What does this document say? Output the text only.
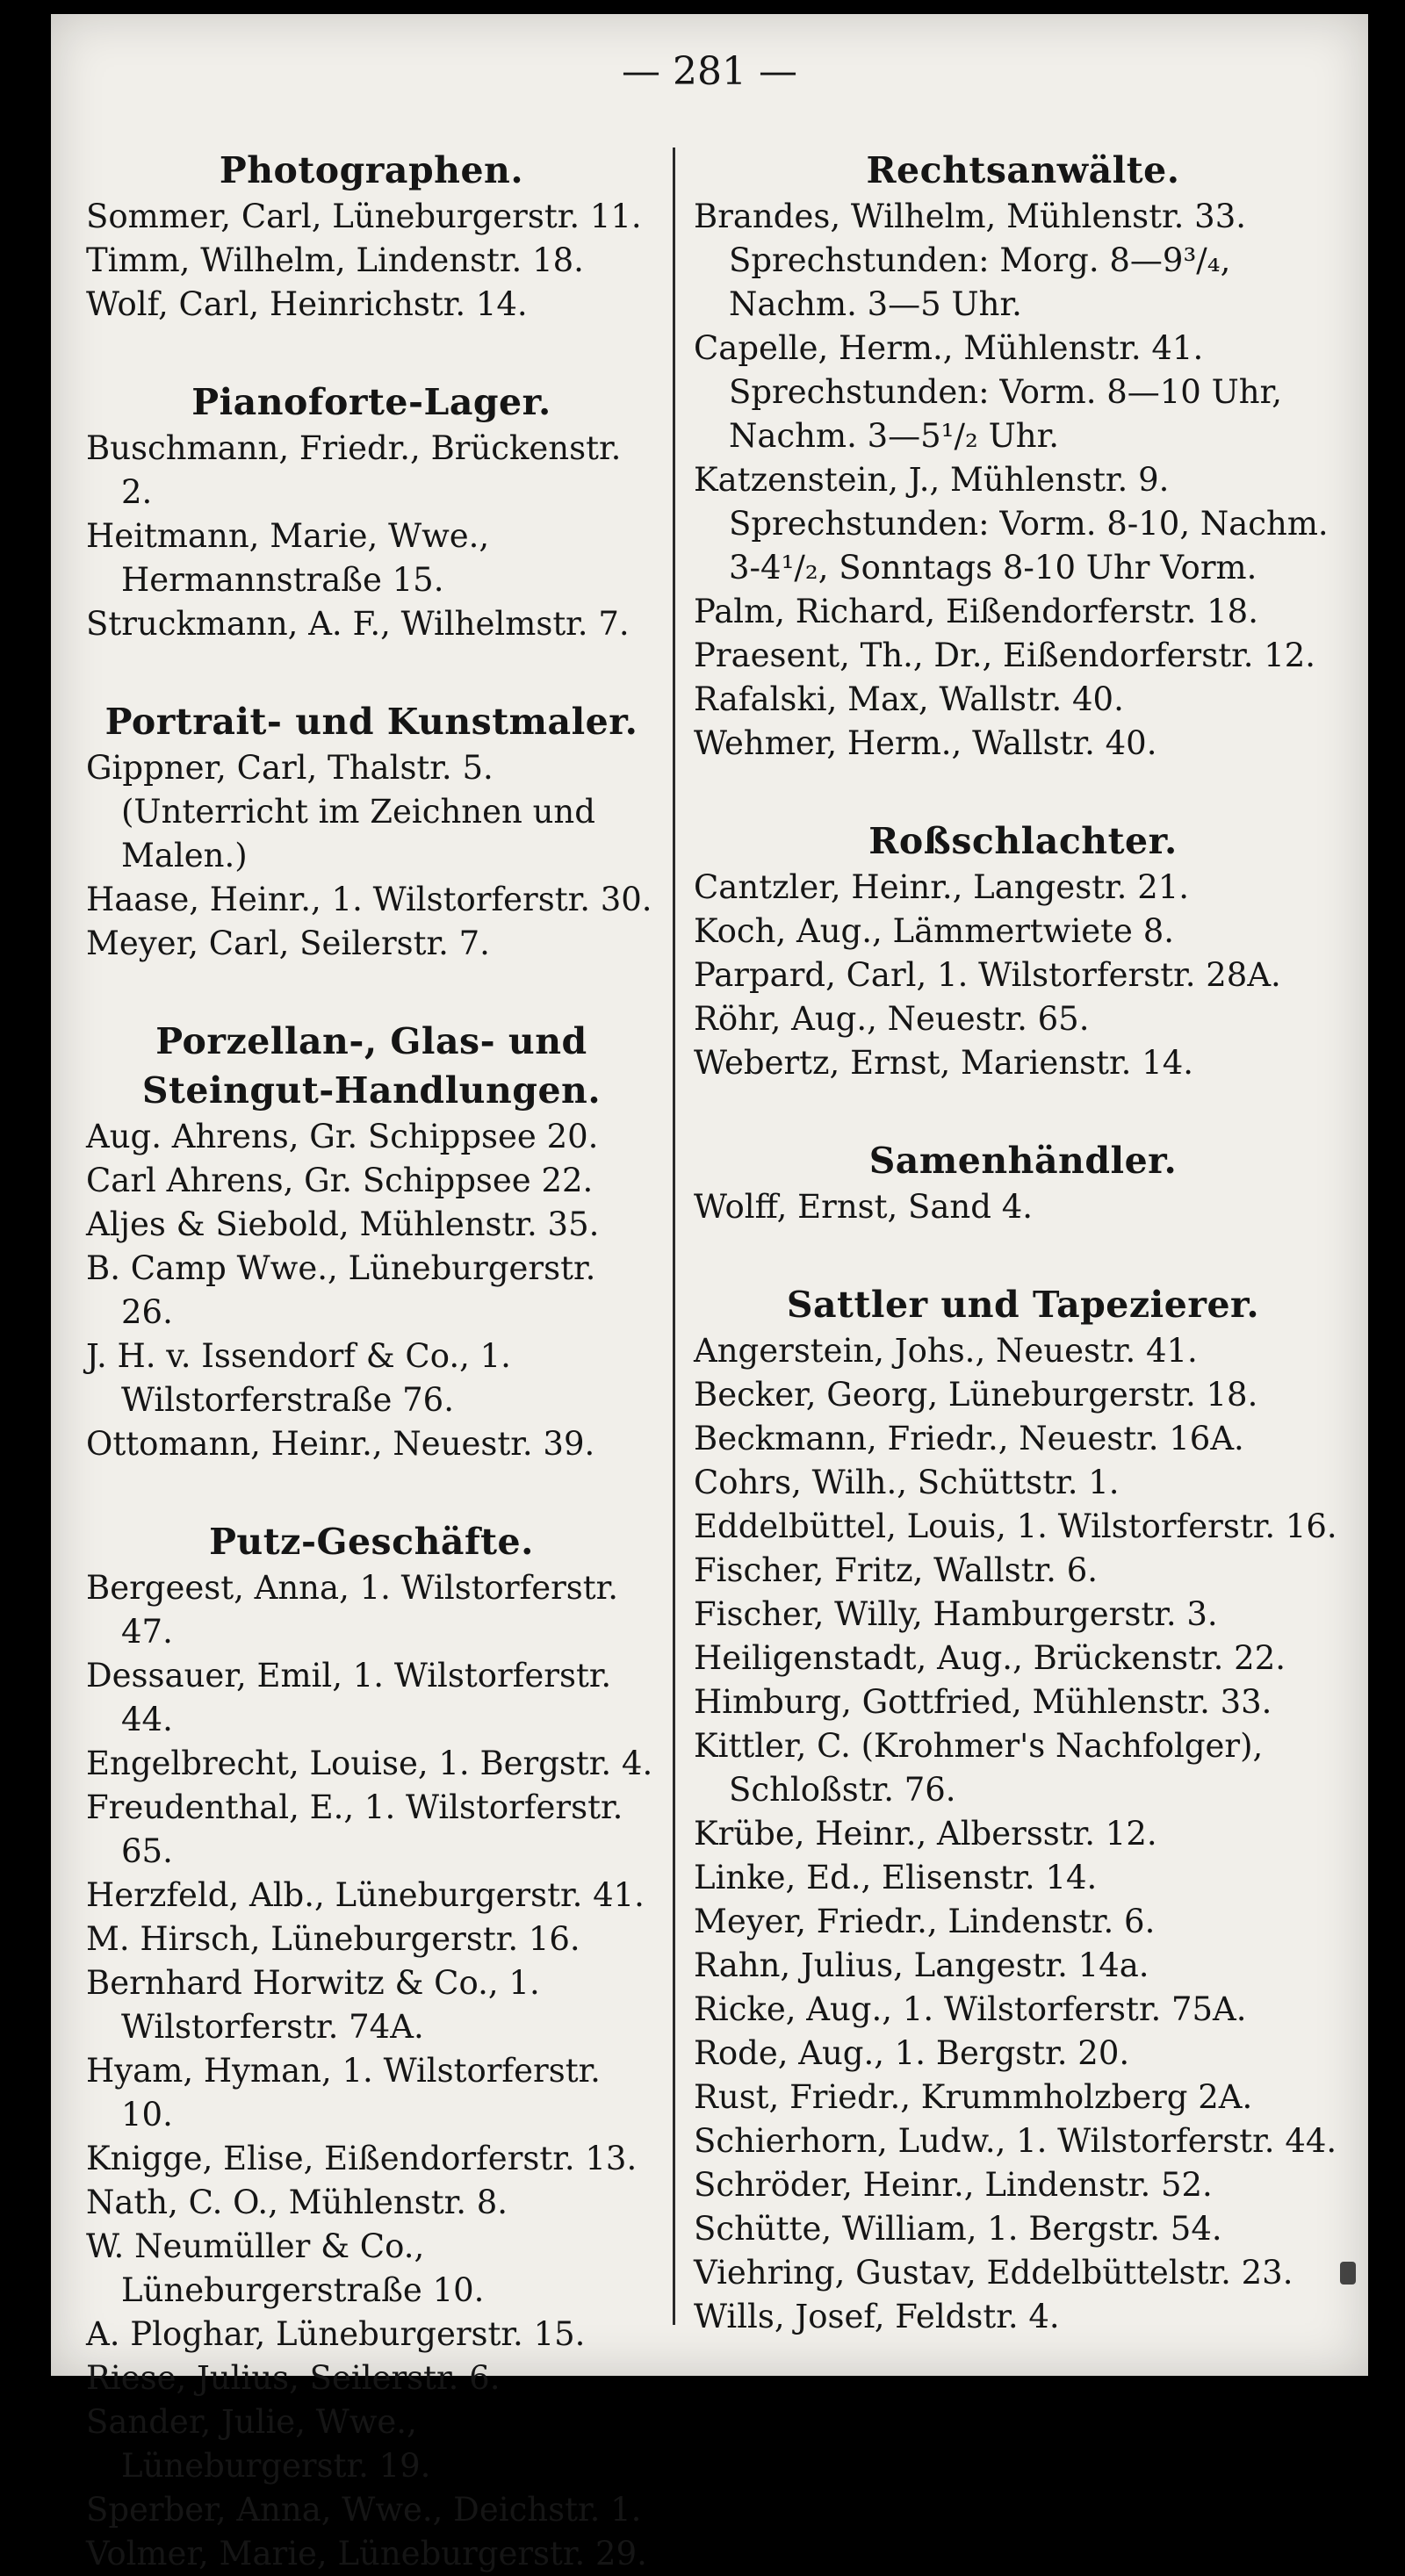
— 281 —
Photographen.
Sommer, Carl, Lüneburgerstr. 11.
Timm, Wilhelm, Lindenstr. 18.
Wolf, Carl, Heinrichstr. 14.
Pianoforte-Lager.
Buschmann, Friedr., Brückenstr. 2.
Heitmann, Marie, Wwe., Hermannstraße 15.
Struckmann, A. F., Wilhelmstr. 7.
Portrait- und Kunstmaler.
Gippner, Carl, Thalstr. 5. (Unterricht im Zeichnen und Malen.)
Haase, Heinr., 1. Wilstorferstr. 30.
Meyer, Carl, Seilerstr. 7.
Porzellan-, Glas- und Steingut-Handlungen.
Aug. Ahrens, Gr. Schippsee 20.
Carl Ahrens, Gr. Schippsee 22.
Aljes & Siebold, Mühlenstr. 35.
B. Camp Wwe., Lüneburgerstr. 26.
J. H. v. Issendorf & Co., 1. Wilstorferstraße 76.
Ottomann, Heinr., Neuestr. 39.
Putz-Geschäfte.
Bergeest, Anna, 1. Wilstorferstr. 47.
Dessauer, Emil, 1. Wilstorferstr. 44.
Engelbrecht, Louise, 1. Bergstr. 4.
Freudenthal, E., 1. Wilstorferstr. 65.
Herzfeld, Alb., Lüneburgerstr. 41.
M. Hirsch, Lüneburgerstr. 16.
Bernhard Horwitz & Co., 1. Wilstorferstr. 74A.
Hyam, Hyman, 1. Wilstorferstr. 10.
Knigge, Elise, Eißendorferstr. 13.
Nath, C. O., Mühlenstr. 8.
W. Neumüller & Co., Lüneburgerstraße 10.
A. Ploghar, Lüneburgerstr. 15.
Riese, Julius, Seilerstr. 6.
Sander, Julie, Wwe., Lüneburgerstr. 19.
Sperber, Anna, Wwe., Deichstr. 1.
Volmer, Marie, Lüneburgerstr. 29.
Rechtsanwälte.
Brandes, Wilhelm, Mühlenstr. 33. Sprechstunden: Morg. 8—9³/₄, Nachm. 3—5 Uhr.
Capelle, Herm., Mühlenstr. 41. Sprechstunden: Vorm. 8—10 Uhr, Nachm. 3—5¹/₂ Uhr.
Katzenstein, J., Mühlenstr. 9. Sprechstunden: Vorm. 8-10, Nachm. 3-4¹/₂, Sonntags 8-10 Uhr Vorm.
Palm, Richard, Eißendorferstr. 18.
Praesent, Th., Dr., Eißendorferstr. 12.
Rafalski, Max, Wallstr. 40.
Wehmer, Herm., Wallstr. 40.
Roßschlachter.
Cantzler, Heinr., Langestr. 21.
Koch, Aug., Lämmertwiete 8.
Parpard, Carl, 1. Wilstorferstr. 28A.
Röhr, Aug., Neuestr. 65.
Webertz, Ernst, Marienstr. 14.
Samenhändler.
Wolff, Ernst, Sand 4.
Sattler und Tapezierer.
Angerstein, Johs., Neuestr. 41.
Becker, Georg, Lüneburgerstr. 18.
Beckmann, Friedr., Neuestr. 16A.
Cohrs, Wilh., Schüttstr. 1.
Eddelbüttel, Louis, 1. Wilstorferstr. 16.
Fischer, Fritz, Wallstr. 6.
Fischer, Willy, Hamburgerstr. 3.
Heiligenstadt, Aug., Brückenstr. 22.
Himburg, Gottfried, Mühlenstr. 33.
Kittler, C. (Krohmer's Nachfolger), Schloßstr. 76.
Krübe, Heinr., Albersstr. 12.
Linke, Ed., Elisenstr. 14.
Meyer, Friedr., Lindenstr. 6.
Rahn, Julius, Langestr. 14a.
Ricke, Aug., 1. Wilstorferstr. 75A.
Rode, Aug., 1. Bergstr. 20.
Rust, Friedr., Krummholzberg 2A.
Schierhorn, Ludw., 1. Wilstorferstr. 44.
Schröder, Heinr., Lindenstr. 52.
Schütte, William, 1. Bergstr. 54.
Viehring, Gustav, Eddelbüttelstr. 23.
Wills, Josef, Feldstr. 4.
